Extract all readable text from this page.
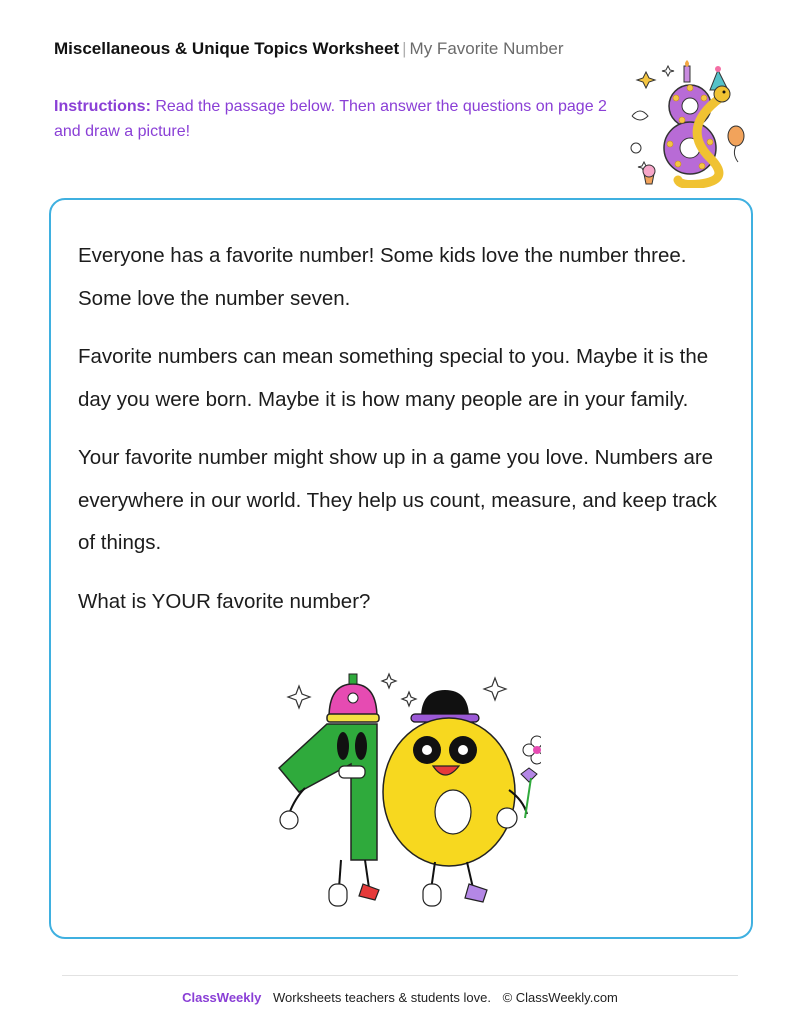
Miscellaneous & Unique Topics Worksheet | My Favorite Number
Instructions: Read the passage below. Then answer the questions on page 2 and draw a picture!

Everyone has a favorite number! Some kids love the number three. Some love the number seven.

Favorite numbers can mean something special to you. Maybe it is the day you were born. Maybe it is how many people are in your family.

Your favorite number might show up in a game you love. Numbers are everywhere in our world. They help us count, measure, and keep track of things.

What is YOUR favorite number?

ClassWeekly Worksheets teachers & students love. © ClassWeekly.com
